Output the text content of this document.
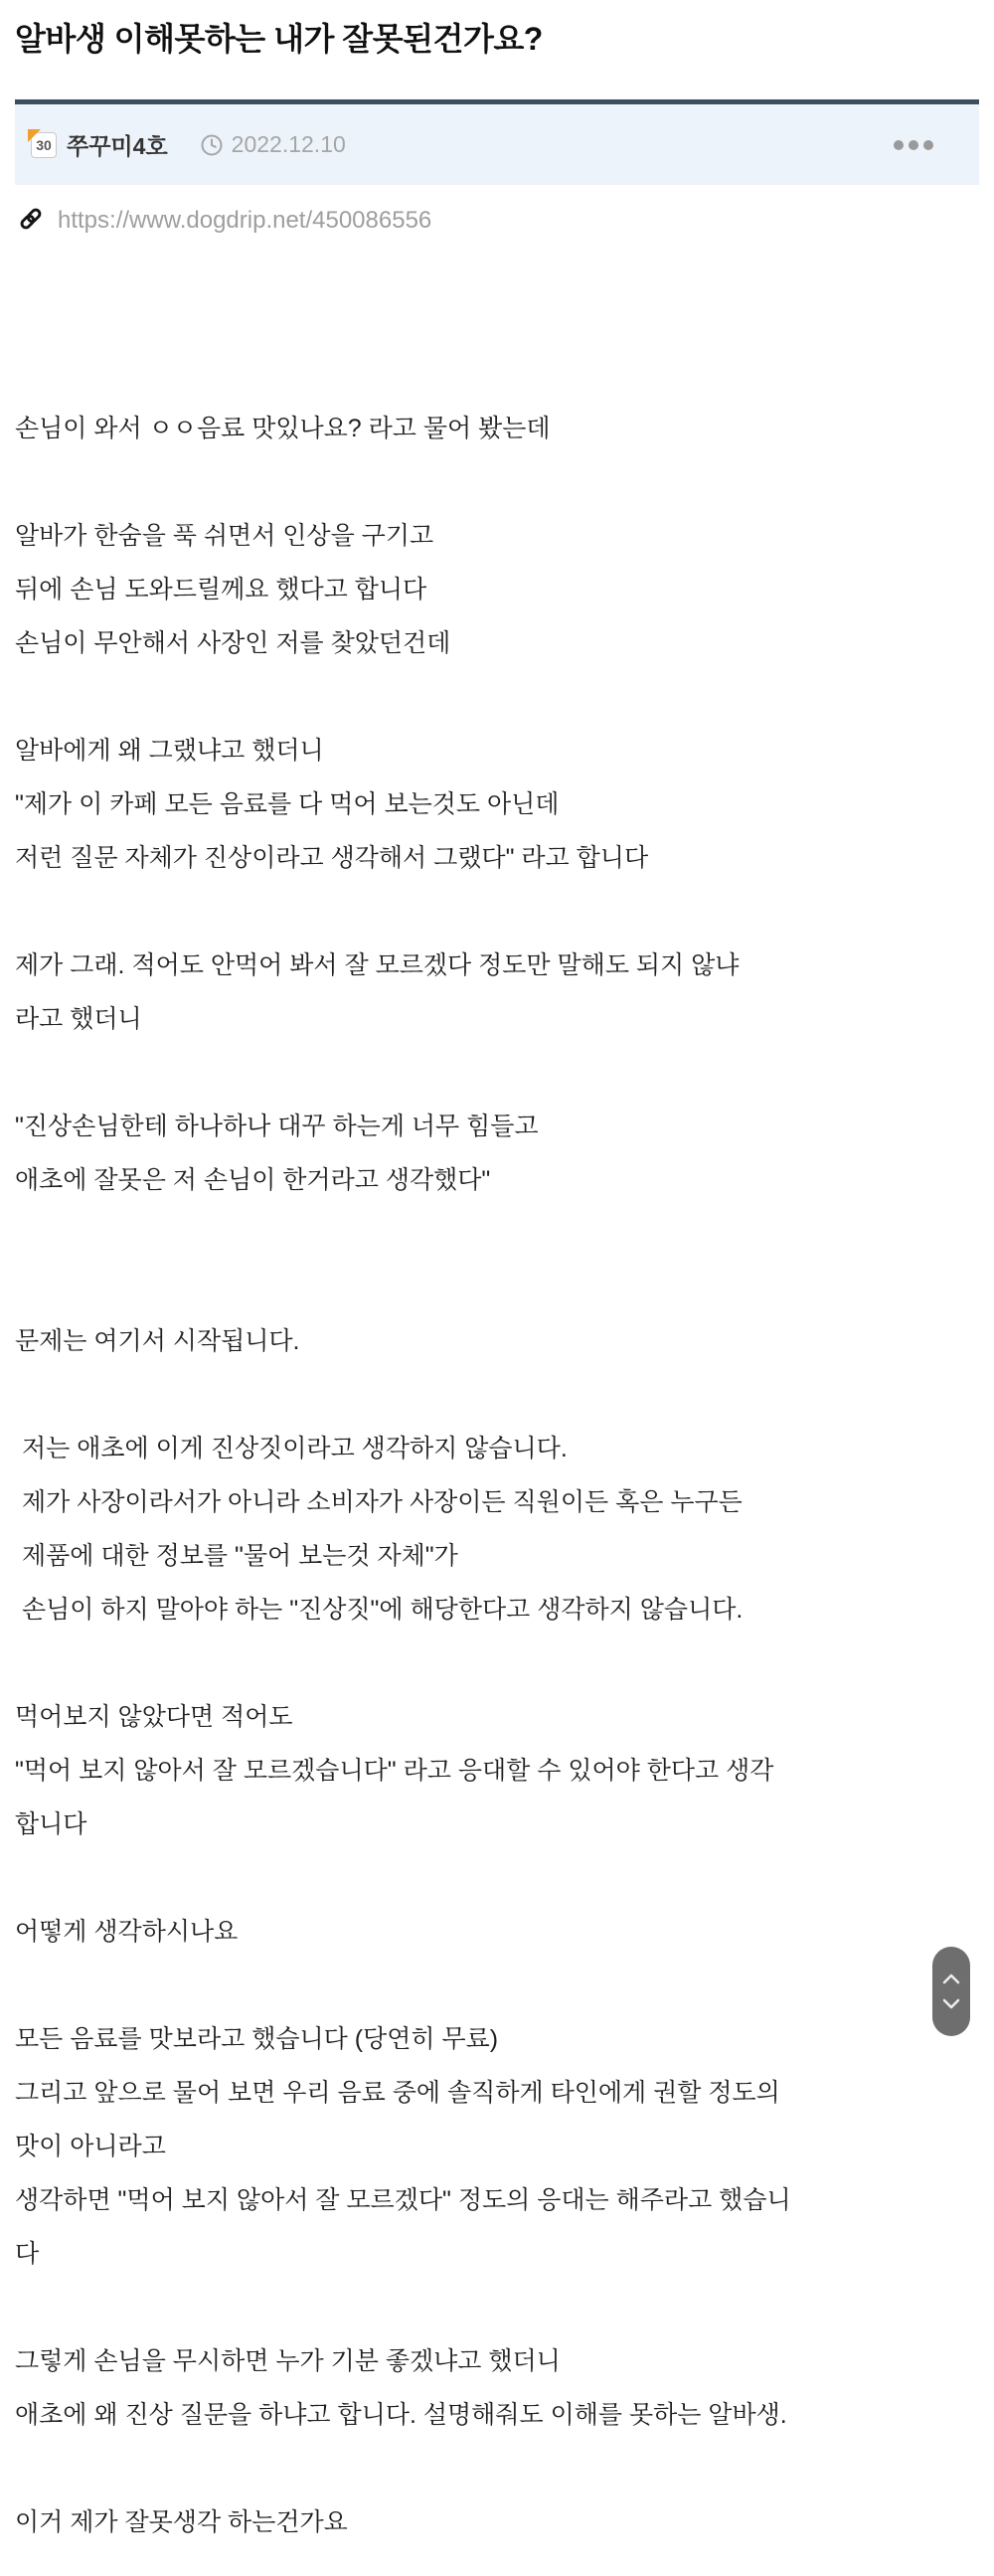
알바생 이해못하는 내가 잘못된건가요?
30 쭈꾸미4호	2022.12.10
https://www.dogdrip.net/450086556
손님이 와서 ㅇㅇ음료 맛있나요? 라고 물어 봤는데
알바가 한숨을 푹 쉬면서 인상을 구기고
뒤에 손님 도와드릴께요 했다고 합니다
손님이 무안해서 사장인 저를 찾았던건데
알바에게 왜 그랬냐고 했더니
"제가 이 카페 모든 음료를 다 먹어 보는것도 아닌데
저런 질문 자체가 진상이라고 생각해서 그랬다" 라고 합니다
제가 그래. 적어도 안먹어 봐서 잘 모르겠다 정도만 말해도 되지 않냐
라고 했더니
"진상손님한테 하나하나 대꾸 하는게 너무 힘들고
애초에 잘못은 저 손님이 한거라고 생각했다"
문제는 여기서 시작됩니다.
저는 애초에 이게 진상짓이라고 생각하지 않습니다.
제가 사장이라서가 아니라 소비자가 사장이든 직원이든 혹은 누구든
제품에 대한 정보를 "물어 보는것 자체"가
손님이 하지 말아야 하는 "진상짓"에 해당한다고 생각하지 않습니다.
먹어보지 않았다면 적어도
"먹어 보지 않아서 잘 모르겠습니다" 라고 응대할 수 있어야 한다고 생각
합니다
어떻게 생각하시나요
모든 음료를 맛보라고 했습니다 (당연히 무료)
그리고 앞으로 물어 보면 우리 음료 중에 솔직하게 타인에게 권할 정도의
맛이 아니라고
생각하면 "먹어 보지 않아서 잘 모르겠다" 정도의 응대는 해주라고 했습니
다
그렇게 손님을 무시하면 누가 기분 좋겠냐고 했더니
애초에 왜 진상 질문을 하냐고 합니다. 설명해줘도 이해를 못하는 알바생.
이거 제가 잘못생각 하는건가요
